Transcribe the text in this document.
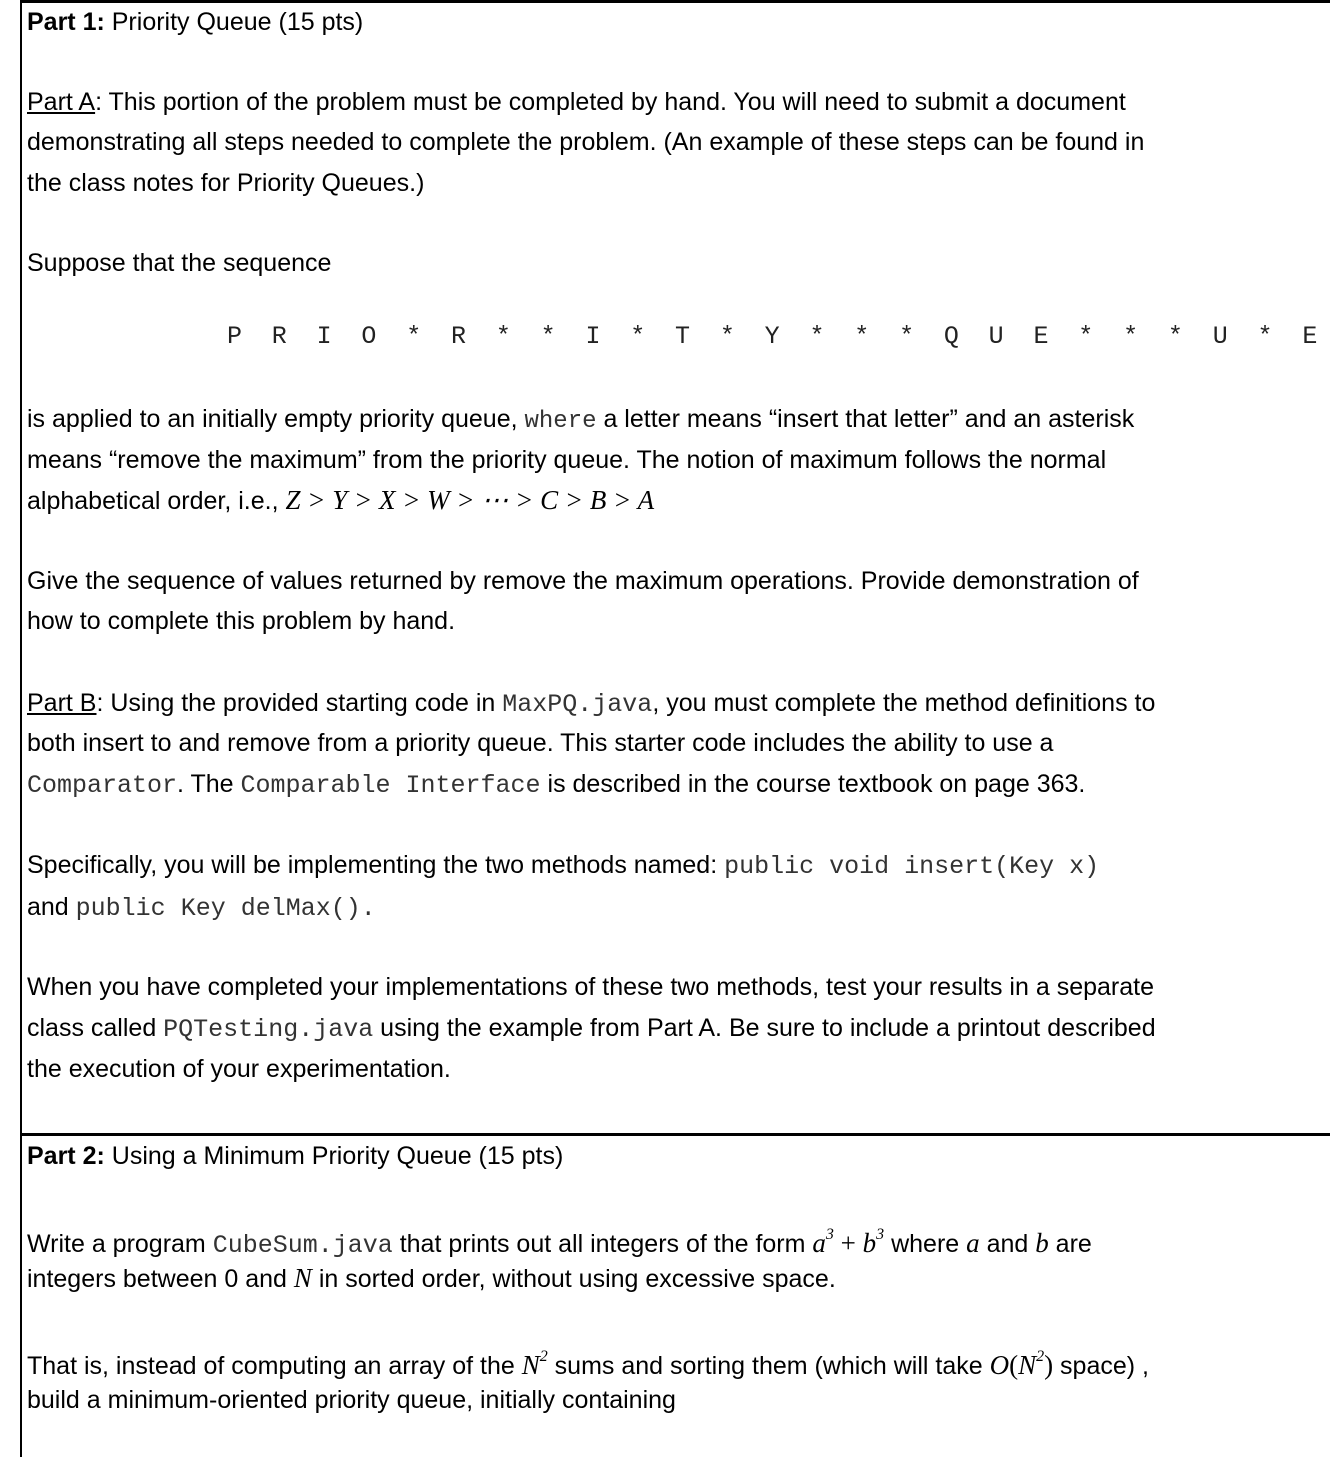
Part 1: Priority Queue (15 pts)

Part A: This portion of the problem must be completed by hand. You will need to submit a document

demonstrating all steps needed to complete the problem. (An example of these steps can be found in

the class notes for Priority Queues.)

Suppose that the sequence

P R I O * R * * I * T * Y * * * Q U E * * * U * E

is applied to an initially empty priority queue, where a letter means “insert that letter” and an asterisk

means “remove the maximum” from the priority queue. The notion of maximum follows the normal

alphabetical order, i.e., Z > Y > X > W > ⋯ > C > B > A

Give the sequence of values returned by remove the maximum operations. Provide demonstration of

how to complete this problem by hand.

Part B: Using the provided starting code in MaxPQ.java, you must complete the method definitions to

both insert to and remove from a priority queue. This starter code includes the ability to use a

Comparator. The Comparable Interface is described in the course textbook on page 363.

Specifically, you will be implementing the two methods named: public void insert(Key x)

and public Key delMax().

When you have completed your implementations of these two methods, test your results in a separate

class called PQTesting.java using the example from Part A. Be sure to include a printout described

the execution of your experimentation.

Part 2: Using a Minimum Priority Queue (15 pts)

Write a program CubeSum.java that prints out all integers of the form $a^3 + b^3$ where a and b are

integers between 0 and N in sorted order, without using excessive space.

That is, instead of computing an array of the $N^2$ sums and sorting them (which will take $O(N^2)$ space) ,

build a minimum-oriented priority queue, initially containing
